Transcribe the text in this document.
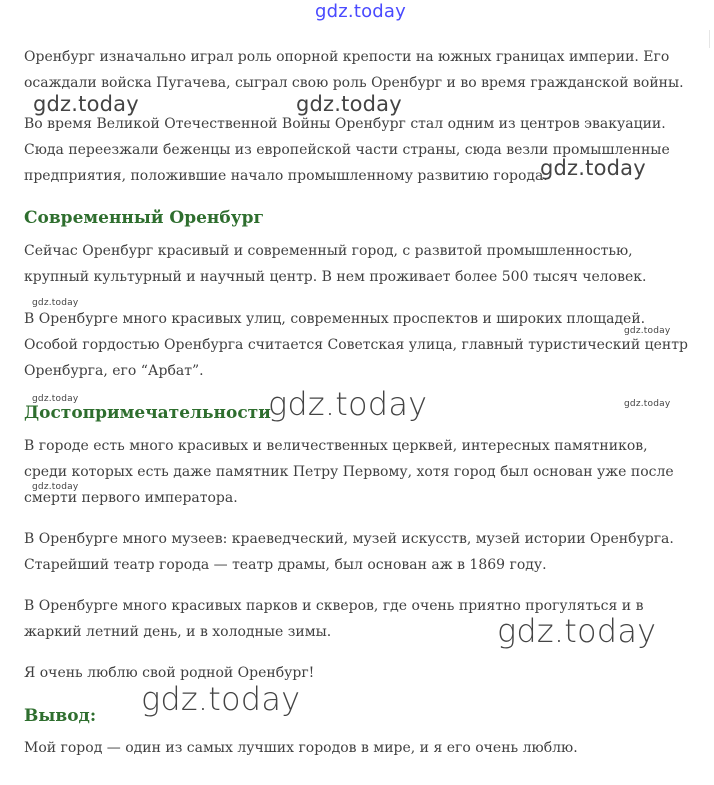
gdz.today

Оренбург изначально играл роль опорной крепости на южных границах империи. Его осаждали войска Пугачева, сыграл свою роль Оренбург и во время гражданской войны.

gdz.today	gdz.today

Во время Великой Отечественной Войны Оренбург стал одним из центров эвакуации. Сюда переезжали беженцы из европейской части страны, сюда везли промышленные предприятия, положившие начало промышленному развитию города.

gdz.today
Современный Оренбург

Сейчас Оренбург красивый и современный город, с развитой промышленностью, крупный культурный и научный центр. В нем проживает более 500 тысяч человек.

gdz.today

В Оренбурге много красивых улиц, современных проспектов и широких площадей. Особой гордостью Оренбурга считается Советская улица, главный туристический центр Оренбурга, его “Арбат”.

gdz.today
Достопримечательности
gdz.today	gdz.today	gdz.today

В городе есть много красивых и величественных церквей, интересных памятников, среди которых есть даже памятник Петру Первому, хотя город был основан уже после смерти первого императора.

gdz.today

В Оренбурге много музеев: краеведческий, музей искусств, музей истории Оренбурга. Старейший театр города — театр драмы, был основан аж в 1869 году.

В Оренбурге много красивых парков и скверов, где очень приятно прогуляться и в жаркий летний день, и в холодные зимы.	gdz.today

Я очень люблю свой родной Оренбург!

gdz.today
Вывод:

Мой город — один из самых лучших городов в мире, и я его очень люблю.
